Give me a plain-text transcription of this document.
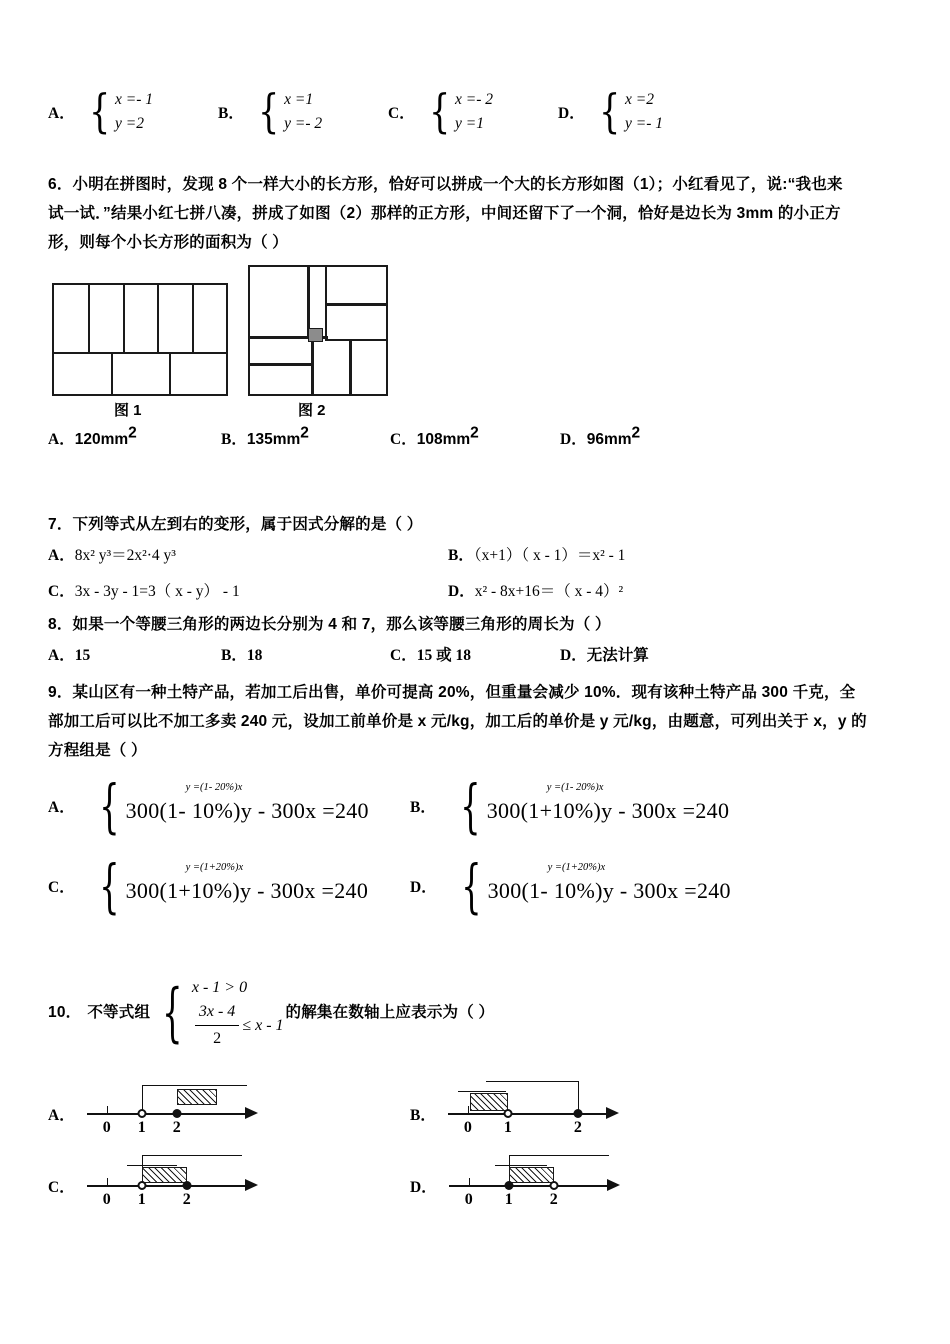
A． { x =- 1
y =2
B． { x =1
y =- 2
C． { x =- 2
y =1
D． { x =2
y =- 1
6．小明在拼图时，发现 8 个一样大小的长方形，恰好可以拼成一个大的长方形如图（1）；小红看见了，说:“我也来
试一试．”结果小红七拼八凑，拼成了如图（2）那样的正方形，中间还留下了一个洞，恰好是边长为 3mm 的小正方
形，则每个小长方形的面积为（ ）
图 1	图 2
A．$120mm^2$	B．$135mm^2$	C．$108mm^2$	D．$96mm^2$
7．下列等式从左到右的变形，属于因式分解的是（ ）
A．8x² y³＝2x²·4 y³	B．（x+1）（ x - 1）＝x² - 1
C．3x - 3y - 1=3（ x - y） - 1	D．x² - 8x+16＝（ x - 4）²
8．如果一个等腰三角形的两边长分别为 4 和 7，那么该等腰三角形的周长为（ ）
A．15	B．18	C．15 或 18	D．无法计算
9．某山区有一种土特产品，若加工后出售，单价可提高 20%，但重量会减少 10%．现有该种土特产品 300 千克，全
部加工后可以比不加工多卖 240 元，设加工前单价是 x 元/kg，加工后的单价是 y 元/kg，由题意，可列出关于 x，y 的
方程组是（ ）
A． {	y =(1- 20%)x
300(1- 10%)y - 300x =240	B． {	y =(1- 20%)x
300(1+10%)y - 300x =240
C． {	y =(1+20%)x
300(1+10%)y - 300x =240	D． {	y =(1+20%)x
300(1- 10%)y - 300x =240
10． 不等式组 { x - 1 > 0
$\frac{3x - 4}{2} \le x - 1$
的解集在数轴上应表示为（ ）
A．
0 1 2
B．
0 1	2
C．
0 1 2
D．
0 1 2
